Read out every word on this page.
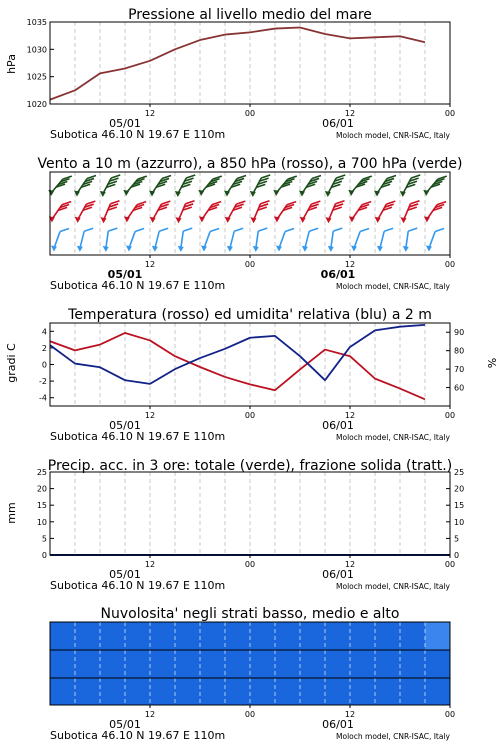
Pressione al livello medio del mare
1020
1025
1030
1035
hPa
12	00	12	00
05/01	06/01
Subotica 46.10 N 19.67 E 110m	Moloch model, CNR-ISAC, Italy
Vento a 10 m (azzurro), a 850 hPa (rosso), a 700 hPa (verde)
12	00	12	00
05/01	06/01
Subotica 46.10 N 19.67 E 110m	Moloch model, CNR-ISAC, Italy
Temperatura (rosso) ed umidita' relativa (blu) a 2 m
-4
-2
0
2
4
60
70
80
90
gradi C	%
12	00	12	00
05/01	06/01
Subotica 46.10 N 19.67 E 110m	Moloch model, CNR-ISAC, Italy
Precip. acc. in 3 ore: totale (verde), frazione solida (tratt.)
0
5
10
15
20
25
0
5
10
15
20
25
mm
12	00	12	00
05/01	06/01
Subotica 46.10 N 19.67 E 110m	Moloch model, CNR-ISAC, Italy
Nuvolosita' negli strati basso, medio e alto
12	00	12	00
05/01	06/01
Subotica 46.10 N 19.67 E 110m	Moloch model, CNR-ISAC, Italy
